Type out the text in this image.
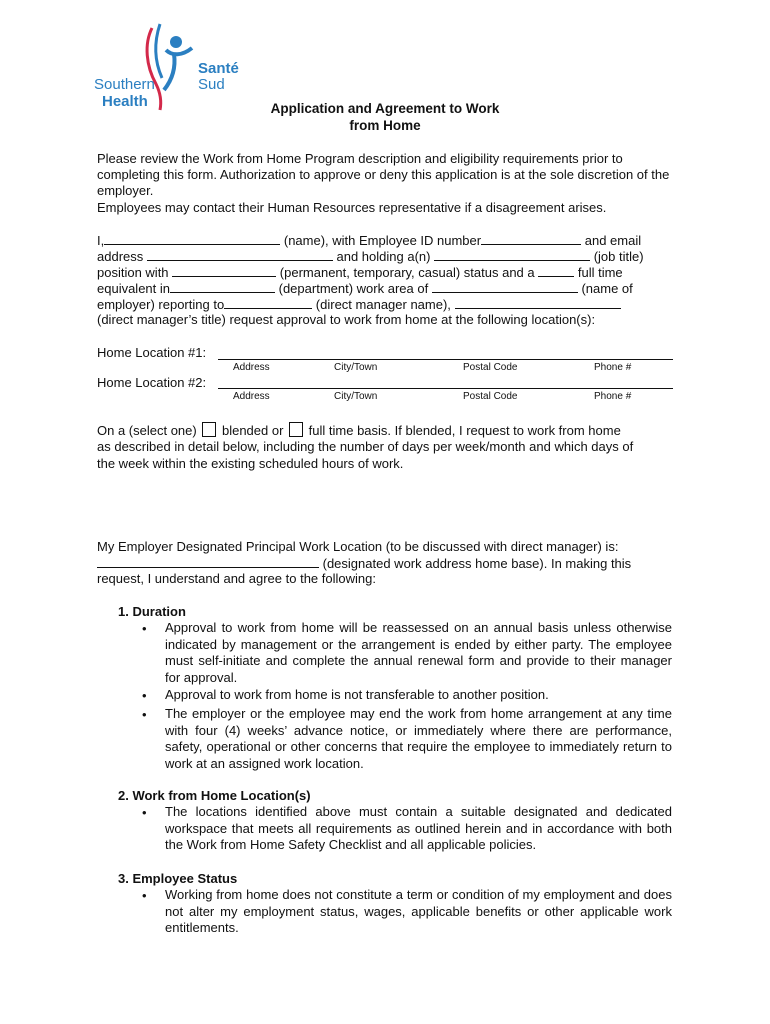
Santé
Sud
Southern
Health	Application and Agreement to Work
from Home
Please review the Work from Home Program description and eligibility requirements prior to completing this form. Authorization to approve or deny this application is at the sole discretion of the employer.
Employees may contact their Human Resources representative if a disagreement arises.
I,	(name), with Employee ID number	and email
address	and holding a(n)	(job title)
position with	(permanent, temporary, casual) status and a	full time
equivalent in	(department) work area of	(name of
employer) reporting to	(direct manager name),
(direct manager’s title) request approval to work from home at the following location(s):
Home Location #1:
Address	City/Town	Postal Code	Phone #
Home Location #2:
Address	City/Town	Postal Code	Phone #
On a (select one) blended or full time basis. If blended, I request to work from home
as described in detail below, including the number of days per week/month and which days of
the week within the existing scheduled hours of work.
My Employer Designated Principal Work Location (to be discussed with direct manager) is:
(designated work address home base). In making this
request, I understand and agree to the following:
1. Duration
• Approval to work from home will be reassessed on an annual basis unless otherwise indicated by management or the arrangement is ended by either party. The employee must self-initiate and complete the annual renewal form and provide to their manager for approval.
• Approval to work from home is not transferable to another position.
• The employer or the employee may end the work from home arrangement at any time with four (4) weeks’ advance notice, or immediately where there are performance, safety, operational or other concerns that require the employee to immediately return to work at an assigned work location.
2. Work from Home Location(s)
• The locations identified above must contain a suitable designated and dedicated workspace that meets all requirements as outlined herein and in accordance with both the Work from Home Safety Checklist and all applicable policies.
3. Employee Status
• Working from home does not constitute a term or condition of my employment and does not alter my employment status, wages, applicable benefits or other applicable work entitlements.
